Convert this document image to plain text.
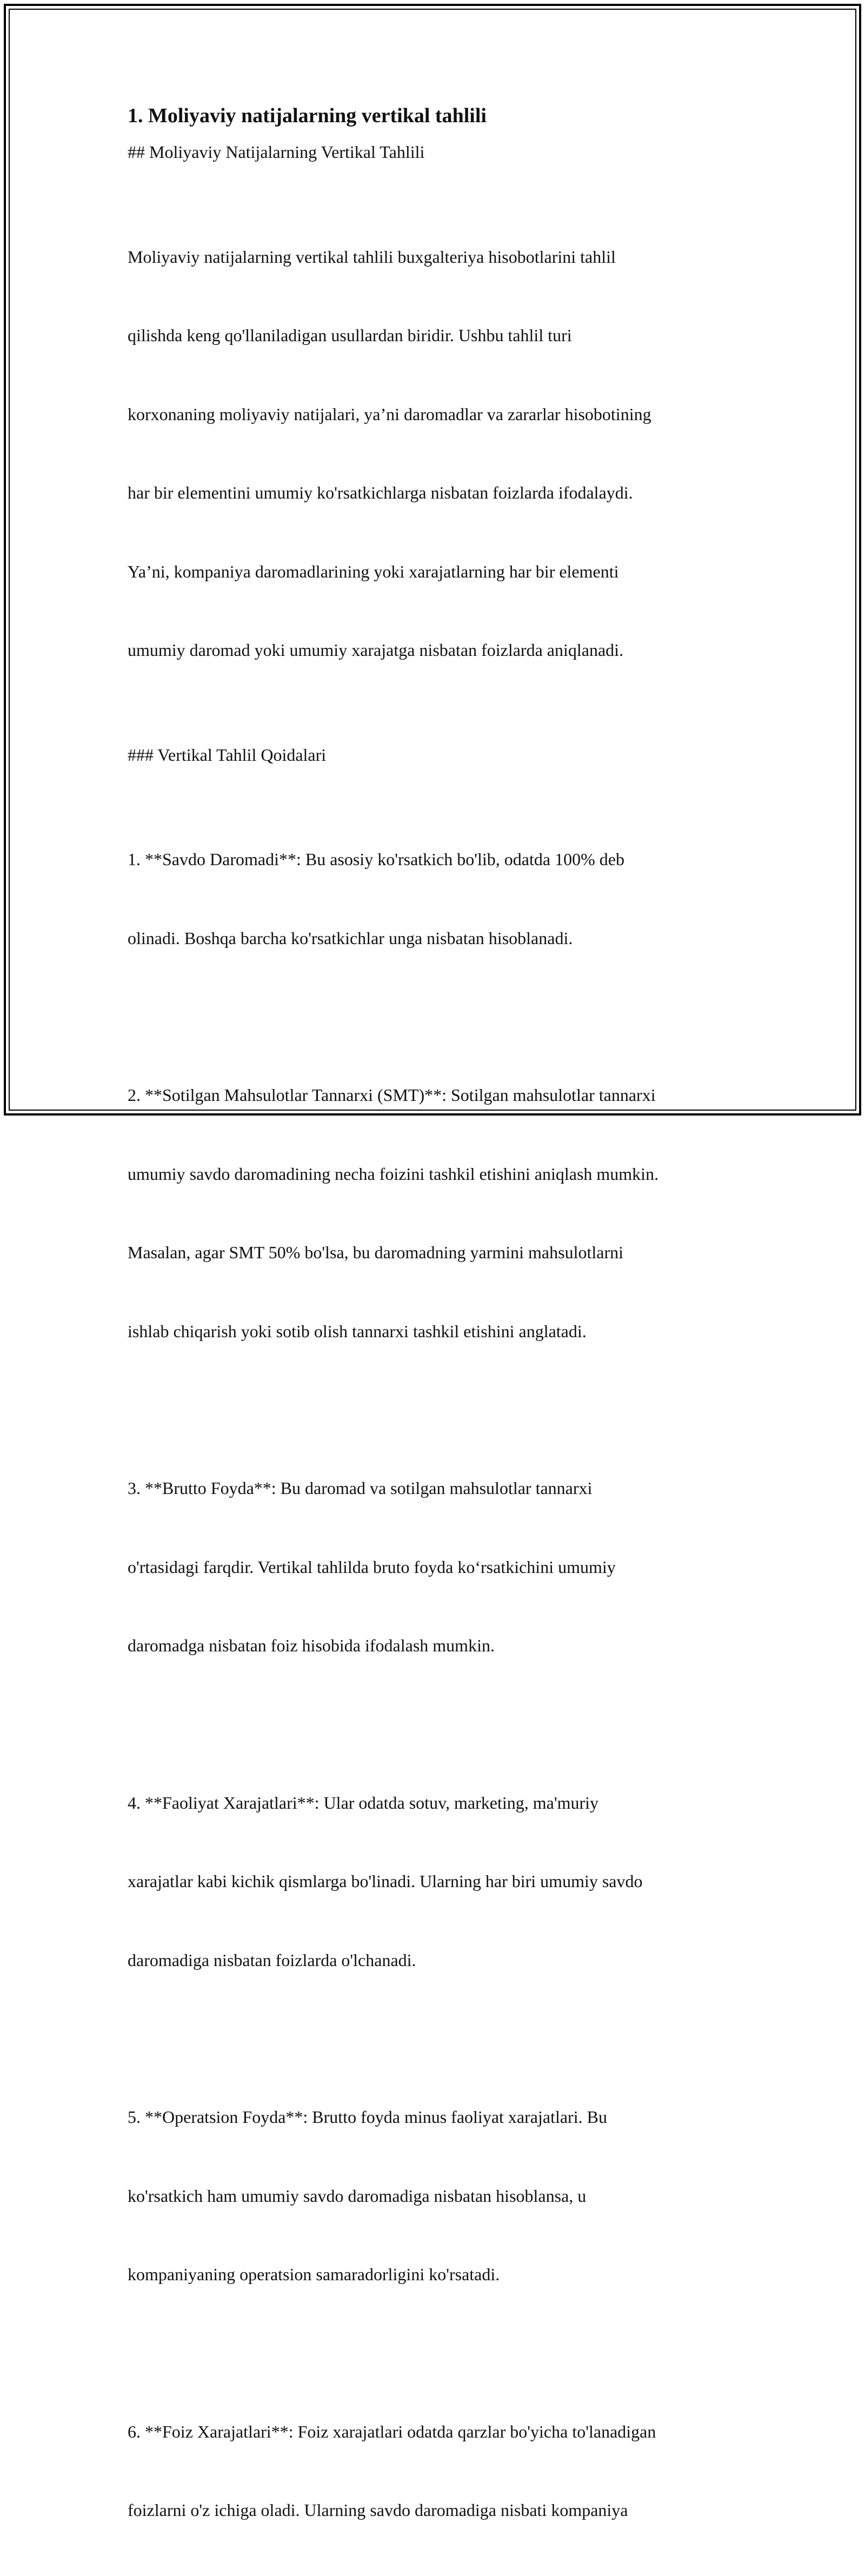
1. Moliyaviy natijalarning vertikal tahlili

## Moliyaviy Natijalarning Vertikal Tahlili

Moliyaviy natijalarning vertikal tahlili buxgalteriya hisobotlarini tahlil

qilishda keng qo'llaniladigan usullardan biridir. Ushbu tahlil turi

korxonaning moliyaviy natijalari, ya’ni daromadlar va zararlar hisobotining

har bir elementini umumiy ko'rsatkichlarga nisbatan foizlarda ifodalaydi.

Ya’ni, kompaniya daromadlarining yoki xarajatlarning har bir elementi

umumiy daromad yoki umumiy xarajatga nisbatan foizlarda aniqlanadi.

### Vertikal Tahlil Qoidalari

1. **Savdo Daromadi**: Bu asosiy ko'rsatkich bo'lib, odatda 100% deb

olinadi. Boshqa barcha ko'rsatkichlar unga nisbatan hisoblanadi.

2. **Sotilgan Mahsulotlar Tannarxi (SMT)**: Sotilgan mahsulotlar tannarxi

umumiy savdo daromadining necha foizini tashkil etishini aniqlash mumkin.

Masalan, agar SMT 50% bo'lsa, bu daromadning yarmini mahsulotlarni

ishlab chiqarish yoki sotib olish tannarxi tashkil etishini anglatadi.

3. **Brutto Foyda**: Bu daromad va sotilgan mahsulotlar tannarxi

o'rtasidagi farqdir. Vertikal tahlilda bruto foyda ko‘rsatkichini umumiy

daromadga nisbatan foiz hisobida ifodalash mumkin.

4. **Faoliyat Xarajatlari**: Ular odatda sotuv, marketing, ma'muriy

xarajatlar kabi kichik qismlarga bo'linadi. Ularning har biri umumiy savdo

daromadiga nisbatan foizlarda o'lchanadi.

5. **Operatsion Foyda**: Brutto foyda minus faoliyat xarajatlari. Bu

ko'rsatkich ham umumiy savdo daromadiga nisbatan hisoblansa, u

kompaniyaning operatsion samaradorligini ko'rsatadi.

6. **Foiz Xarajatlari**: Foiz xarajatlari odatda qarzlar bo'yicha to'lanadigan

foizlarni o'z ichiga oladi. Ularning savdo daromadiga nisbati kompaniya
